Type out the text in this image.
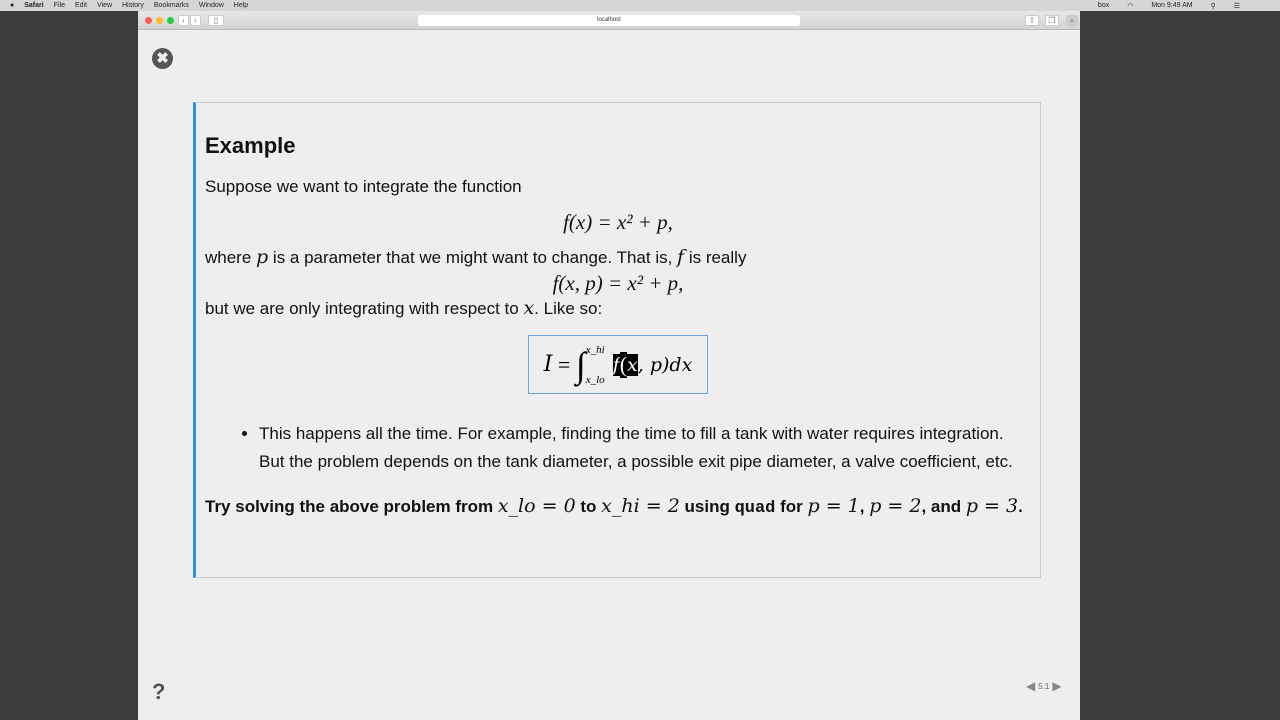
● Safari File Edit View History Bookmarks Window Help	box	◠	Mon 9:49 AM	⚲	☰
‹	›	▯	localhost	⇧	❐	+
✖
Example

Suppose we want to integrate the function

f(x) = x² + p,

where p is a parameter that we might want to change. That is, f is really

f(x, p) = x² + p,

but we are only integrating with respect to x. Like so:

I = ∫ x_hi
x_lo
f ( x , p)dx
• This happens all the time. For example, finding the time to fill a tank with water requires integration. But the problem depends on the tank diameter, a possible exit pipe diameter, a valve coefficient, etc.

Try solving the above problem from x_lo = 0 to x_hi = 2 using quad for p = 1, p = 2, and p = 3.

?	◀ 5.1 ▶
